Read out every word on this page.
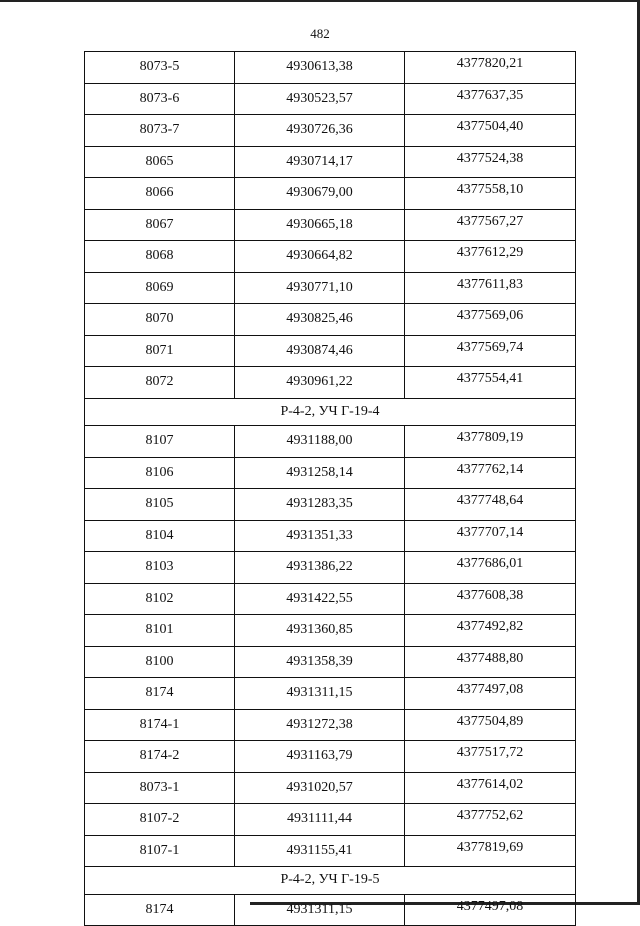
482
8073-5	4930613,38	4377820,21
8073-6	4930523,57	4377637,35
8073-7	4930726,36	4377504,40
8065	4930714,17	4377524,38
8066	4930679,00	4377558,10
8067	4930665,18	4377567,27
8068	4930664,82	4377612,29
8069	4930771,10	4377611,83
8070	4930825,46	4377569,06
8071	4930874,46	4377569,74
8072	4930961,22	4377554,41
Р-4-2, УЧ Г-19-4		
8107	4931188,00	4377809,19
8106	4931258,14	4377762,14
8105	4931283,35	4377748,64
8104	4931351,33	4377707,14
8103	4931386,22	4377686,01
8102	4931422,55	4377608,38
8101	4931360,85	4377492,82
8100	4931358,39	4377488,80
8174	4931311,15	4377497,08
8174-1	4931272,38	4377504,89
8174-2	4931163,79	4377517,72
8073-1	4931020,57	4377614,02
8107-2	4931111,44	4377752,62
8107-1	4931155,41	4377819,69
Р-4-2, УЧ Г-19-5		
8174	4931311,15	4377497,08
